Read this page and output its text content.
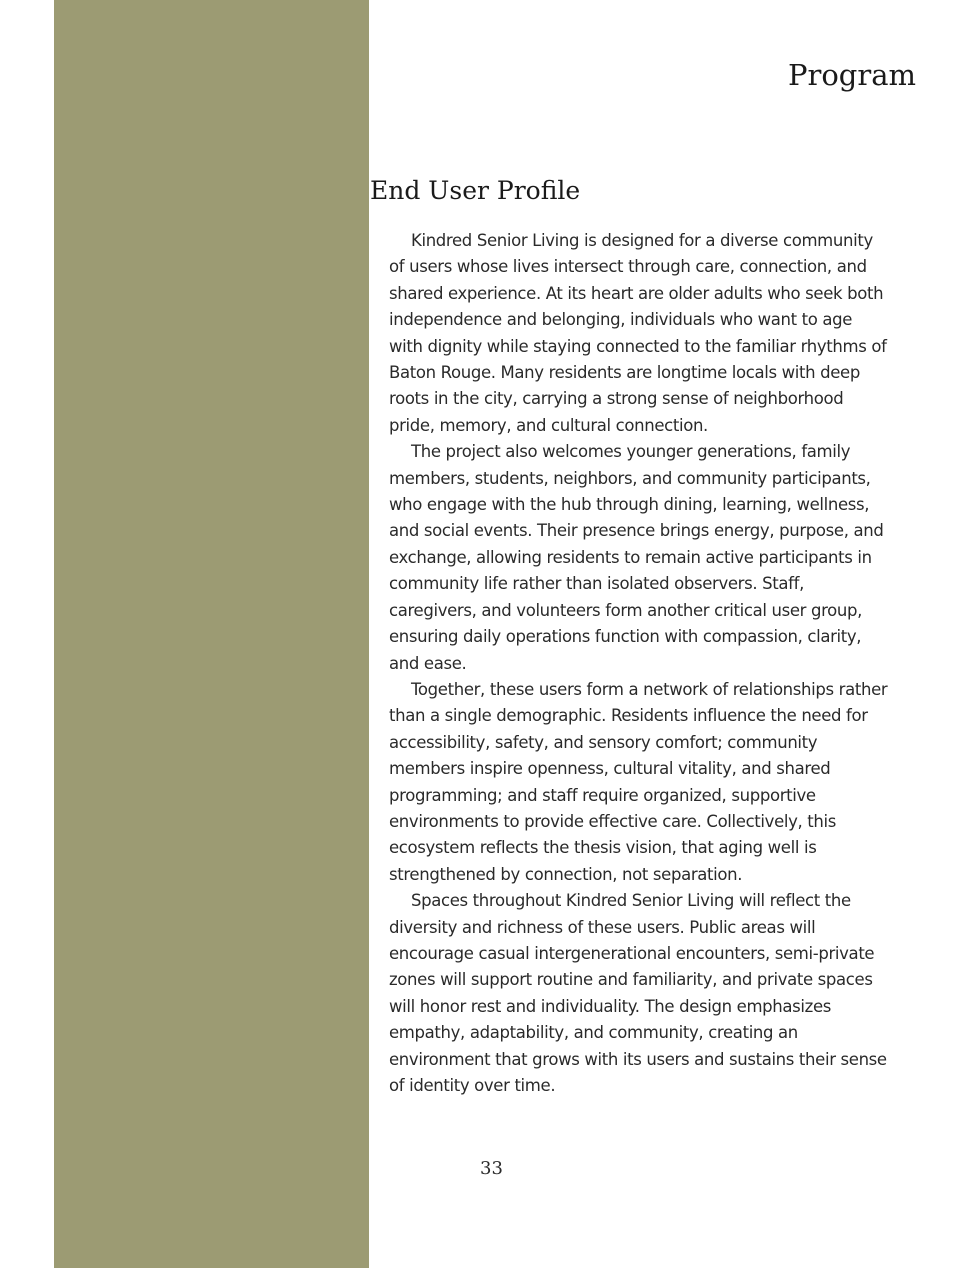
Program
End User Profile

Kindred Senior Living is designed for a diverse community of users whose lives intersect through care, connection, and shared experience. At its heart are older adults who seek both independence and belonging, individuals who want to age with dignity while staying connected to the familiar rhythms of Baton Rouge. Many residents are longtime locals with deep roots in the city, carrying a strong sense of neighborhood pride, memory, and cultural connection.

The project also welcomes younger generations, family members, students, neighbors, and community participants, who engage with the hub through dining, learning, wellness, and social events. Their presence brings energy, purpose, and exchange, allowing residents to remain active participants in community life rather than isolated observers. Staff, caregivers, and volunteers form another critical user group, ensuring daily operations function with compassion, clarity, and ease.

Together, these users form a network of relationships rather than a single demographic. Residents influence the need for accessibility, safety, and sensory comfort; community members inspire openness, cultural vitality, and shared programming; and staff require organized, supportive environments to provide effective care. Collectively, this ecosystem reflects the thesis vision, that aging well is strengthened by connection, not separation.

Spaces throughout Kindred Senior Living will reflect the diversity and richness of these users. Public areas will encourage casual intergenerational encounters, semi-private zones will support routine and familiarity, and private spaces will honor rest and individuality. The design emphasizes empathy, adaptability, and community, creating an environment that grows with its users and sustains their sense of identity over time.

33
